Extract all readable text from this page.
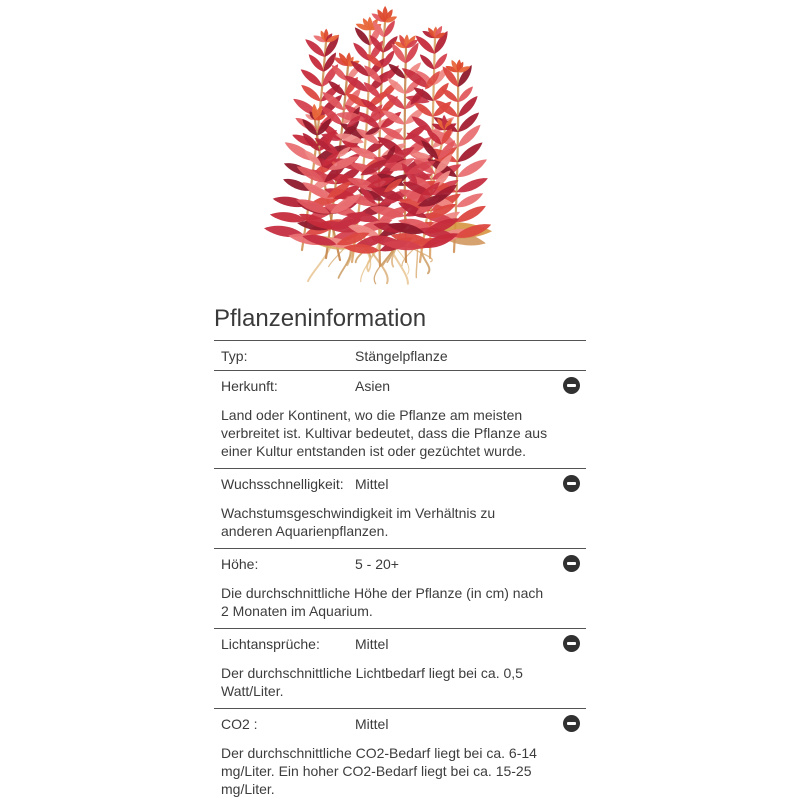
Pflanzeninformation
Typ:	Stängelpflanze
Herkunft:	Asien
Land oder Kontinent, wo die Pflanze am meisten verbreitet ist. Kultivar bedeutet, dass die Pflanze aus einer Kultur entstanden ist oder gezüchtet wurde.
Wuchsschnelligkeit: Mittel
Wachstumsgeschwindigkeit im Verhältnis zu anderen Aquarienpflanzen.
Höhe:	5 - 20+
Die durchschnittliche Höhe der Pflanze (in cm) nach 2 Monaten im Aquarium.
Lichtansprüche:	Mittel
Der durchschnittliche Lichtbedarf liegt bei ca. 0,5 Watt/Liter.
CO2 :	Mittel
Der durchschnittliche CO2-Bedarf liegt bei ca. 6-14 mg/Liter. Ein hoher CO2-Bedarf liegt bei ca. 15-25 mg/Liter.
